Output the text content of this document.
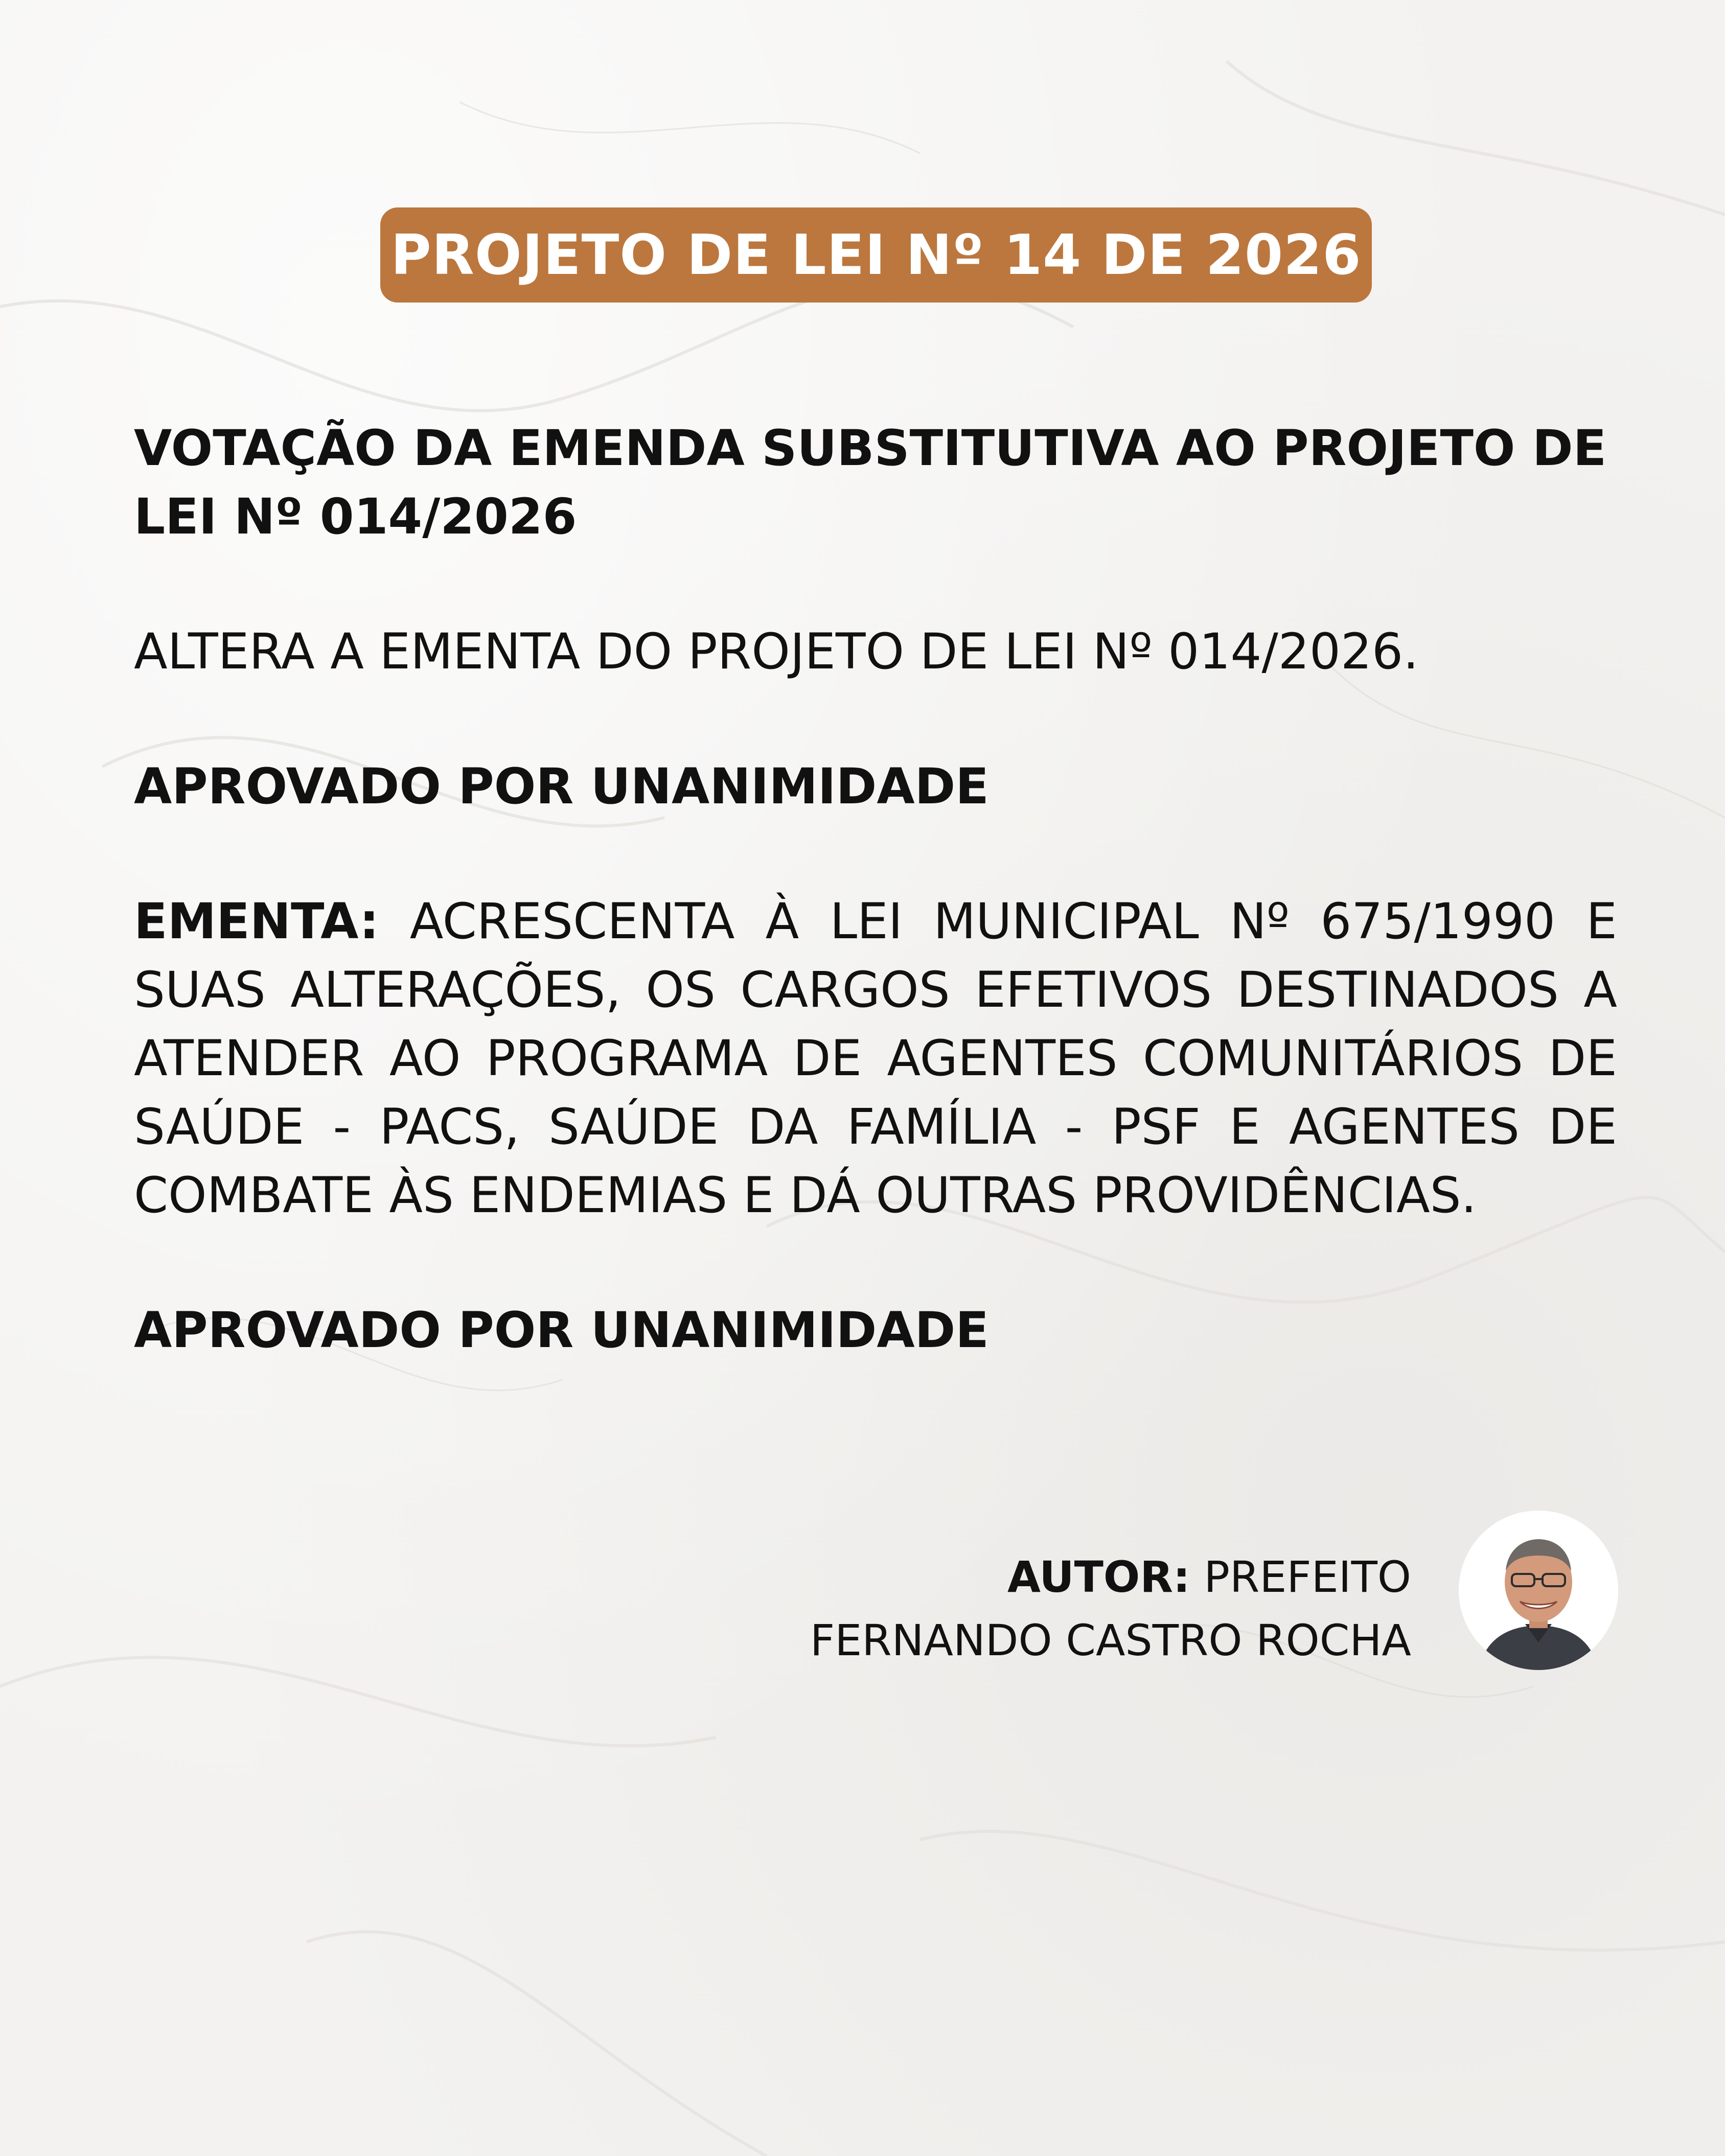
PROJETO DE LEI Nº 14 DE 2026

VOTAÇÃO DA EMENDA SUBSTITUTIVA AO PROJETO DE LEI Nº 014/2026

ALTERA A EMENTA DO PROJETO DE LEI Nº 014/2026.

APROVADO POR UNANIMIDADE

EMENTA: ACRESCENTA À LEI MUNICIPAL Nº 675/1990 E SUAS ALTERAÇÕES, OS CARGOS EFETIVOS DESTINADOS A ATENDER AO PROGRAMA DE AGENTES COMUNITÁRIOS DE SAÚDE - PACS, SAÚDE DA FAMÍLIA - PSF E AGENTES DE COMBATE ÀS ENDEMIAS E DÁ OUTRAS PROVIDÊNCIAS.

APROVADO POR UNANIMIDADE

AUTOR: PREFEITO
FERNANDO CASTRO ROCHA
